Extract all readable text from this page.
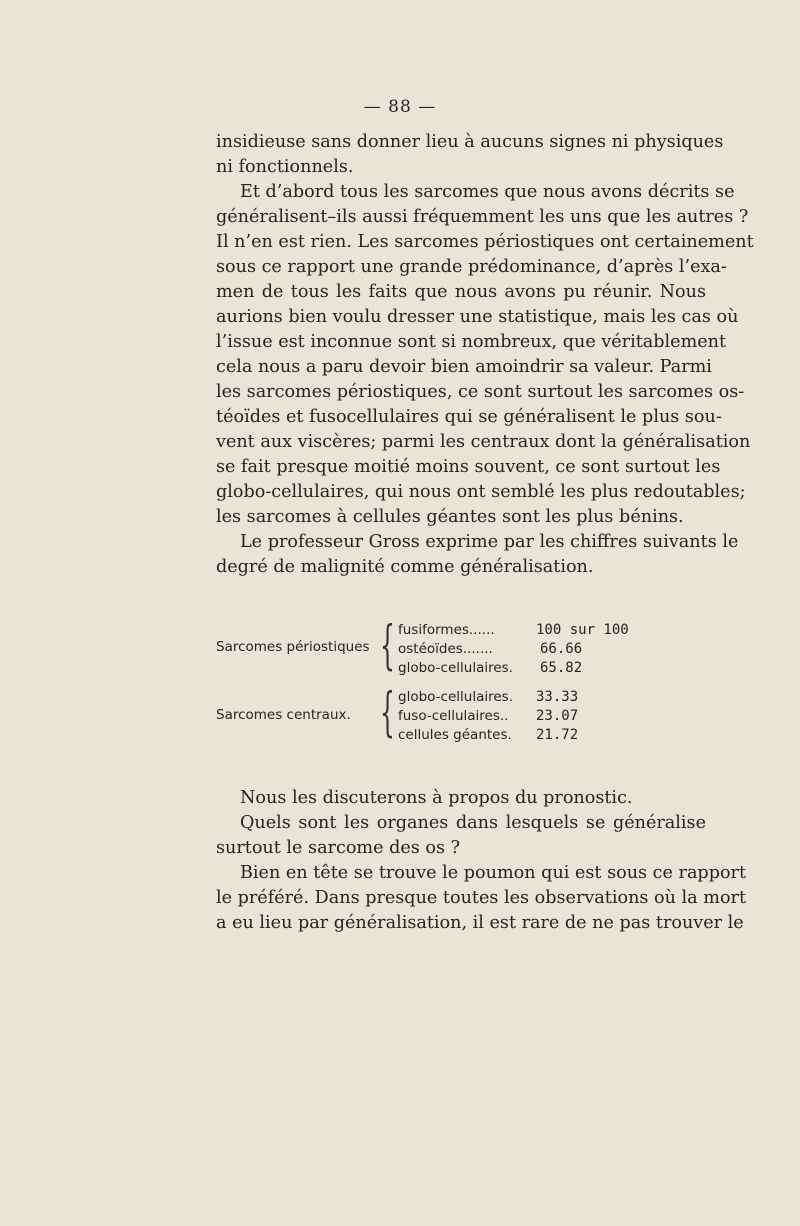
— 88 —
insidieuse sans donner lieu à aucuns signes ni physiques
ni fonctionnels.
Et d’abord tous les sarcomes que nous avons décrits se
généralisent–ils aussi fréquemment les uns que les autres ?
Il n’en est rien. Les sarcomes périostiques ont certainement
sous ce rapport une grande prédominance, d’après l’exa-
men de tous les faits que nous avons pu réunir. Nous
aurions bien voulu dresser une statistique, mais les cas où
l’issue est inconnue sont si nombreux, que véritablement
cela nous a paru devoir bien amoindrir sa valeur. Parmi
les sarcomes périostiques, ce sont surtout les sarcomes os-
téoïdes et fusocellulaires qui se généralisent le plus sou-
vent aux viscères; parmi les centraux dont la généralisation
se fait presque moitié moins souvent, ce sont surtout les
globo-cellulaires, qui nous ont semblé les plus redoutables;
les sarcomes à cellules géantes sont les plus bénins.
Le professeur Gross exprime par les chiffres suivants le
degré de malignité comme généralisation.
Sarcomes périostiques { fusiformes......	100 sur 100
ostéoïdes.......	66.66
globo-cellulaires. 65.82
Sarcomes centraux. { globo-cellulaires. 33.33
fuso-cellulaires.. 23.07
cellules géantes. 21.72
Nous les discuterons à propos du pronostic.
Quels sont les organes dans lesquels se généralise
surtout le sarcome des os ?
Bien en tête se trouve le poumon qui est sous ce rapport
le préféré. Dans presque toutes les observations où la mort
a eu lieu par généralisation, il est rare de ne pas trouver le
